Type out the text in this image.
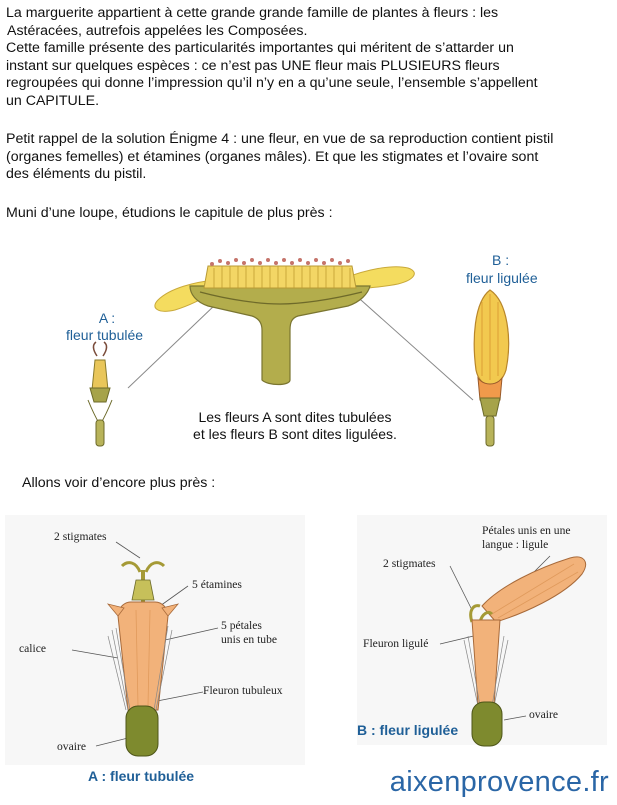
La marguerite appartient à cette grande grande famille de plantes à fleurs : les
Astéracées, autrefois appelées les Composées.
Cette famille présente des particularités importantes qui méritent de s’attarder un
instant sur quelques espèces : ce n’est pas UNE fleur mais PLUSIEURS fleurs
regroupées qui donne l’impression qu’il n’y en a qu’une seule, l’ensemble s’appellent
un CAPITULE.
Petit rappel de la solution Énigme 4 : une fleur, en vue de sa reproduction contient pistil
(organes femelles) et étamines (organes mâles). Et que les stigmates et l’ovaire sont
des éléments du pistil.
Muni d’une loupe, étudions le capitule de plus près :
A :
fleur tubulée
B :
fleur ligulée
Les fleurs A sont dites tubulées
et les fleurs B sont dites ligulées.
Allons voir d’encore plus près :
2 stigmates
5 étamines
5 pétales
unis en tube
calice
Fleuron tubuleux
ovaire
A : fleur tubulée
Pétales unis en une
langue : ligule
2 stigmates
Fleuron ligulé
ovaire
B : fleur ligulée
aixenprovence.fr
